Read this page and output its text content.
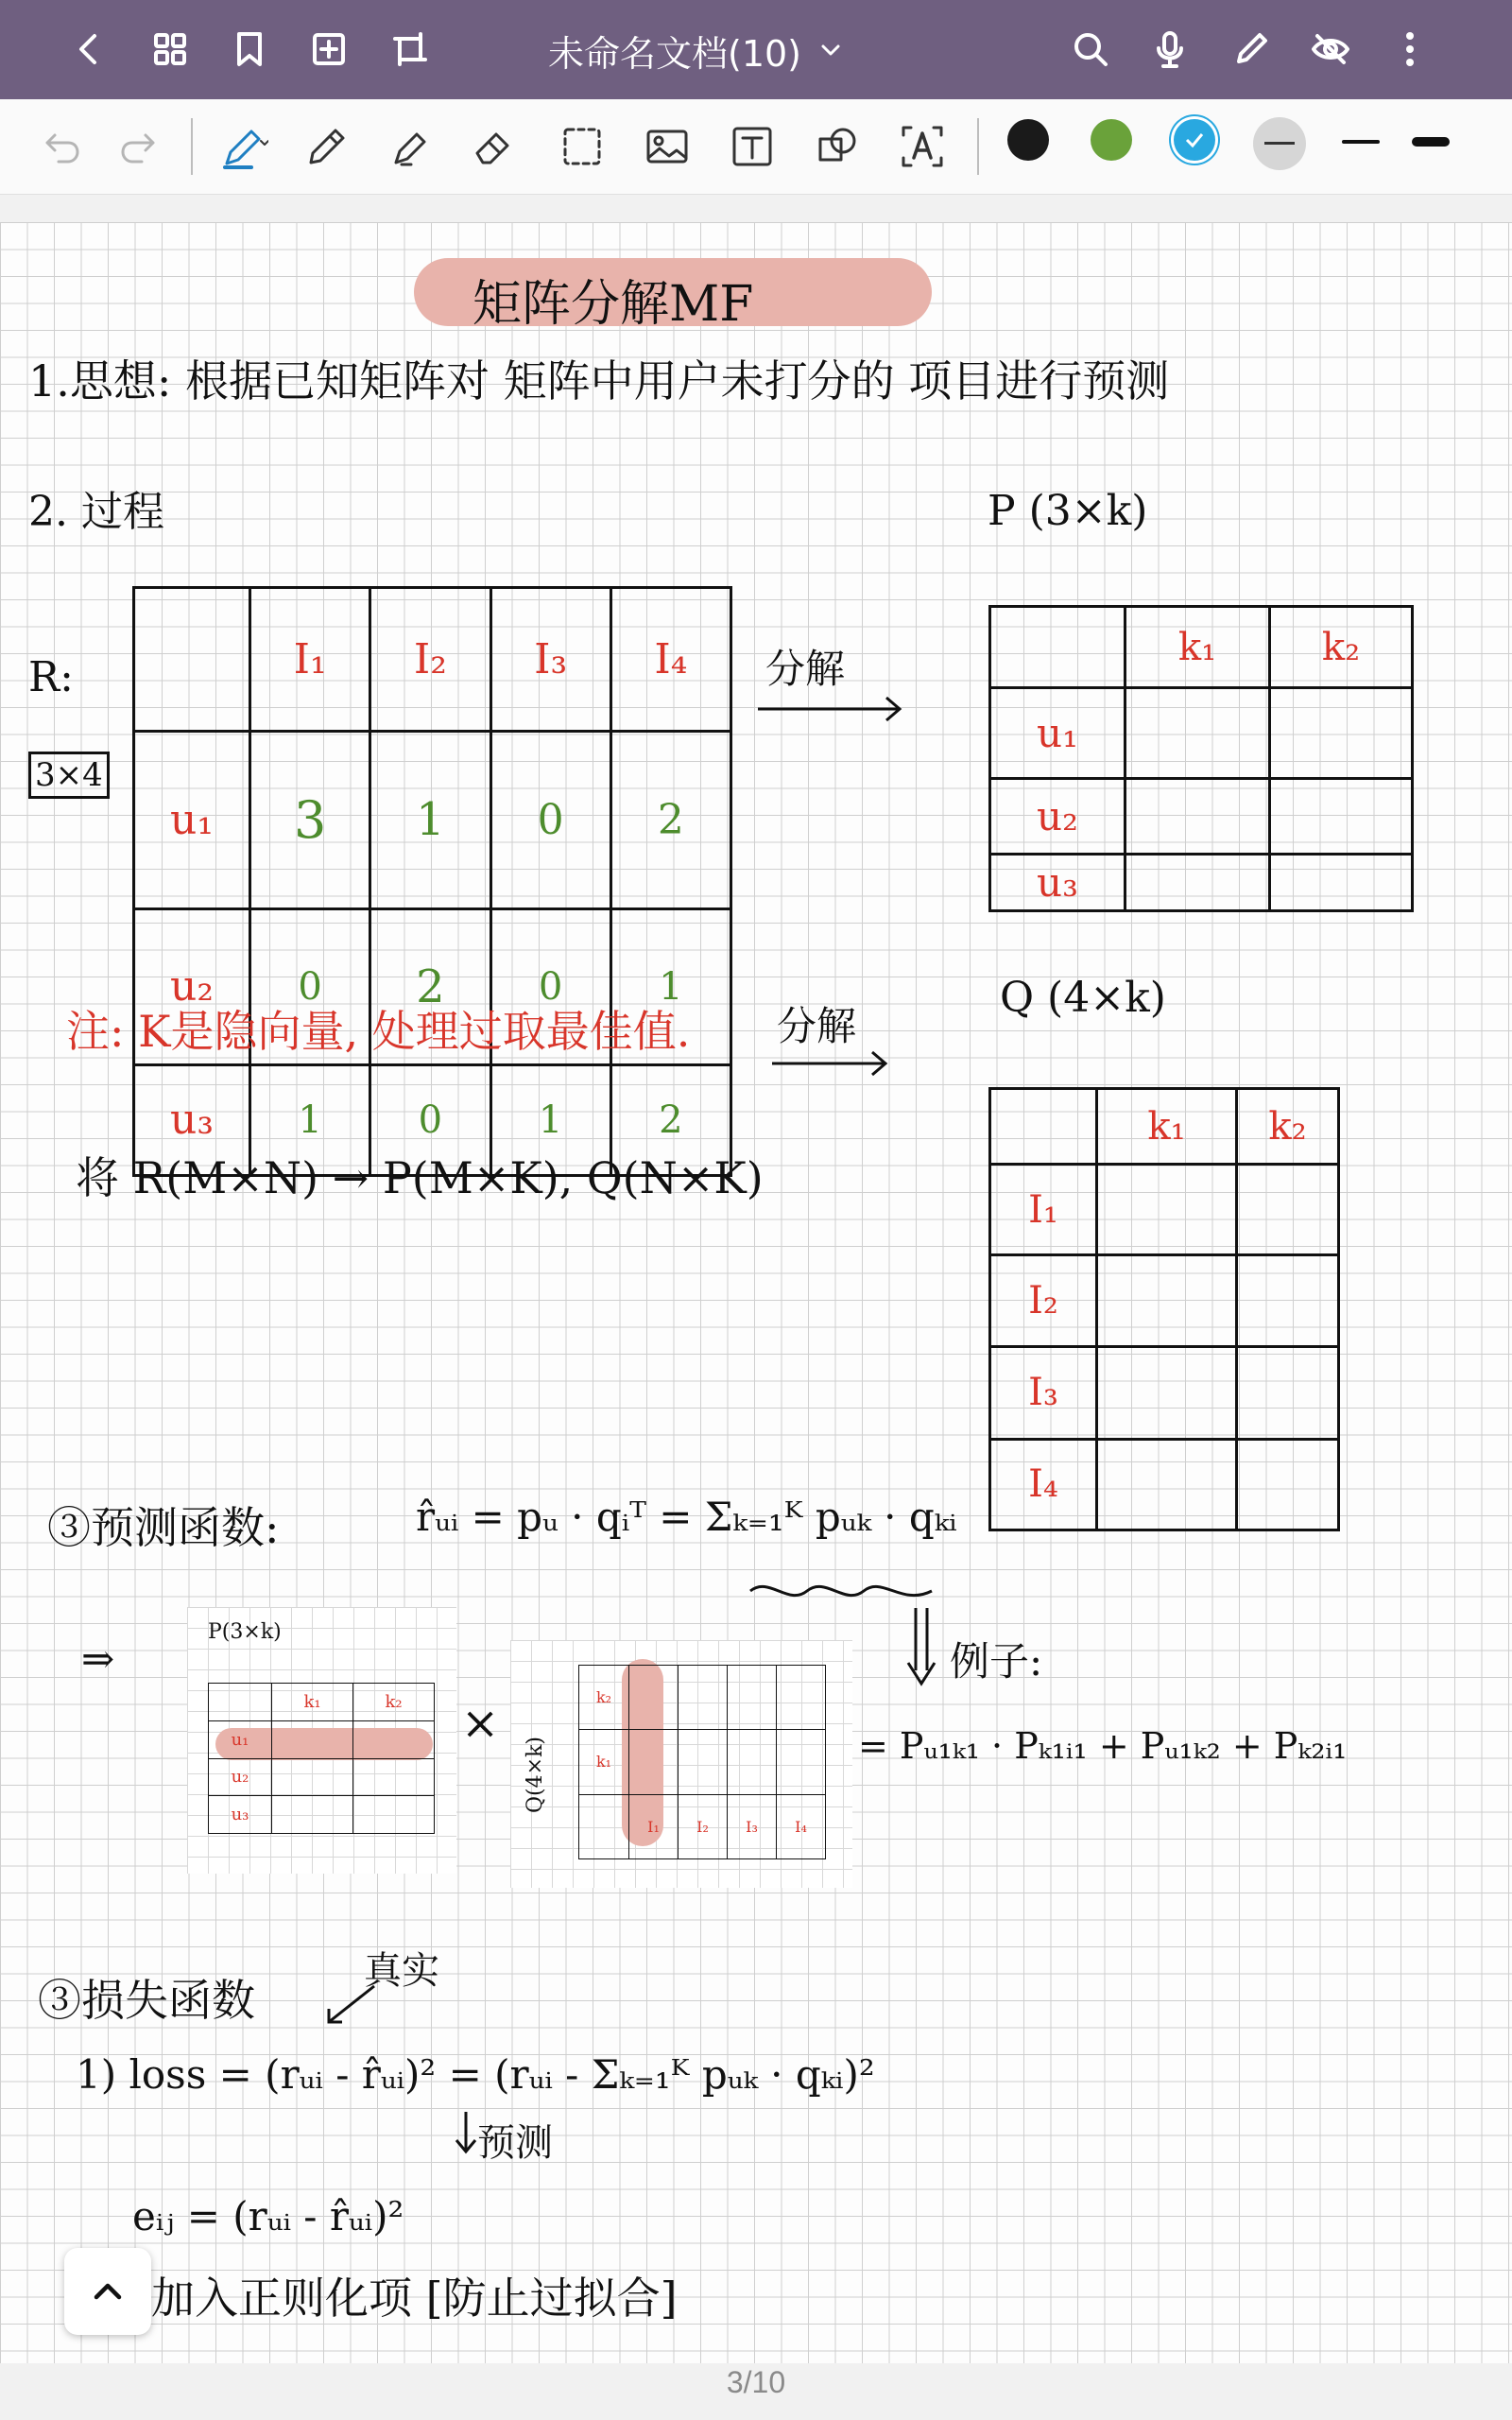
未命名文档(10)
矩阵分解MF
1.思想: 根据已知矩阵对 矩阵中用户未打分的 项目进行预测
2. 过程
R:
3×4
	I₁	I₂	I₃	I₄
u₁	3	1	0	2
u₂	0	2	0	1
u₃	1	0	1	2
分解
P (3×k)
	k₁	k₂
u₁		
u₂		
u₃		
注: K是隐向量, 处理过取最佳值. 分解
Q (4×k)
	k₁	k₂
I₁		
I₂		
I₃		
I₄		
将 R(M×N) → P(M×K), Q(N×K)
③预测函数:	r̂ᵤᵢ = pᵤ · qᵢᵀ = Σₖ₌₁ᴷ pᵤₖ · qₖᵢ
例子:
⇒
P(3×k)
	k₁	k₂
u₁		
u₂		
u₃		
×
Q(4×k)
k₂				
k₁				
	I₁	I₂	I₃	I₄
= Pᵤ₁ₖ₁ · Pₖ₁ᵢ₁ + Pᵤ₁ₖ₂ + Pₖ₂ᵢ₁
③损失函数
真实
1) loss = (rᵤᵢ - r̂ᵤᵢ)² = (rᵤᵢ - Σₖ₌₁ᴷ pᵤₖ · qₖᵢ)²
预测
eᵢⱼ = (rᵤᵢ - r̂ᵤᵢ)²
加入正则化项 [防止过拟合]
3/10
